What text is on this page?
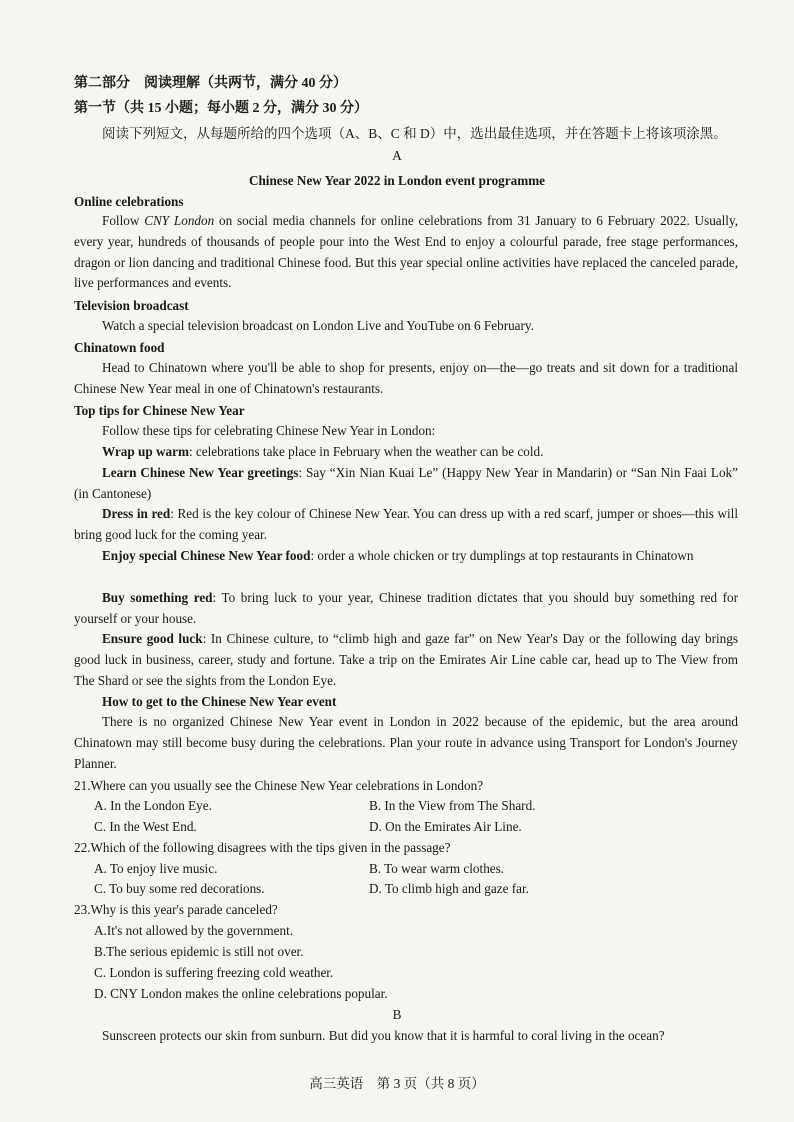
第二部分　阅读理解（共两节，满分 40 分）
第一节（共 15 小题；每小题 2 分，满分 30 分）
阅读下列短文，从每题所给的四个选项（A、B、C 和 D）中，选出最佳选项，并在答题卡上将该项涂黑。
A
Chinese New Year 2022 in London event programme
Online celebrations
Follow CNY London on social media channels for online celebrations from 31 January to 6 February 2022. Usually, every year, hundreds of thousands of people pour into the West End to enjoy a colourful parade, free stage performances, dragon or lion dancing and traditional Chinese food. But this year special online activities have replaced the canceled parade, live performances and events.
Television broadcast
Watch a special television broadcast on London Live and YouTube on 6 February.
Chinatown food
Head to Chinatown where you'll be able to shop for presents, enjoy on—the—go treats and sit down for a traditional Chinese New Year meal in one of Chinatown's restaurants.
Top tips for Chinese New Year
Follow these tips for celebrating Chinese New Year in London:
Wrap up warm: celebrations take place in February when the weather can be cold.
Learn Chinese New Year greetings: Say “Xin Nian Kuai Le” (Happy New Year in Mandarin) or “San Nin Faai Lok” (in Cantonese)
Dress in red: Red is the key colour of Chinese New Year. You can dress up with a red scarf, jumper or shoes—this will bring good luck for the coming year.
Enjoy special Chinese New Year food: order a whole chicken or try dumplings at top restaurants in Chinatown
Buy something red: To bring luck to your year, Chinese tradition dictates that you should buy something red for yourself or your house.
Ensure good luck: In Chinese culture, to “climb high and gaze far” on New Year's Day or the following day brings good luck in business, career, study and fortune. Take a trip on the Emirates Air Line cable car, head up to The View from The Shard or see the sights from the London Eye.
How to get to the Chinese New Year event
There is no organized Chinese New Year event in London in 2022 because of the epidemic, but the area around Chinatown may still become busy during the celebrations. Plan your route in advance using Transport for London's Journey Planner.
21.Where can you usually see the Chinese New Year celebrations in London?
A. In the London Eye.	B. In the View from The Shard.
C. In the West End.	D. On the Emirates Air Line.
22.Which of the following disagrees with the tips given in the passage?
A. To enjoy live music.	B. To wear warm clothes.
C. To buy some red decorations.	D. To climb high and gaze far.
23.Why is this year's parade canceled?
A.It's not allowed by the government.
B.The serious epidemic is still not over.
C. London is suffering freezing cold weather.
D. CNY London makes the online celebrations popular.
B
Sunscreen protects our skin from sunburn. But did you know that it is harmful to coral living in the ocean?
高三英语　第 3 页（共 8 页）
